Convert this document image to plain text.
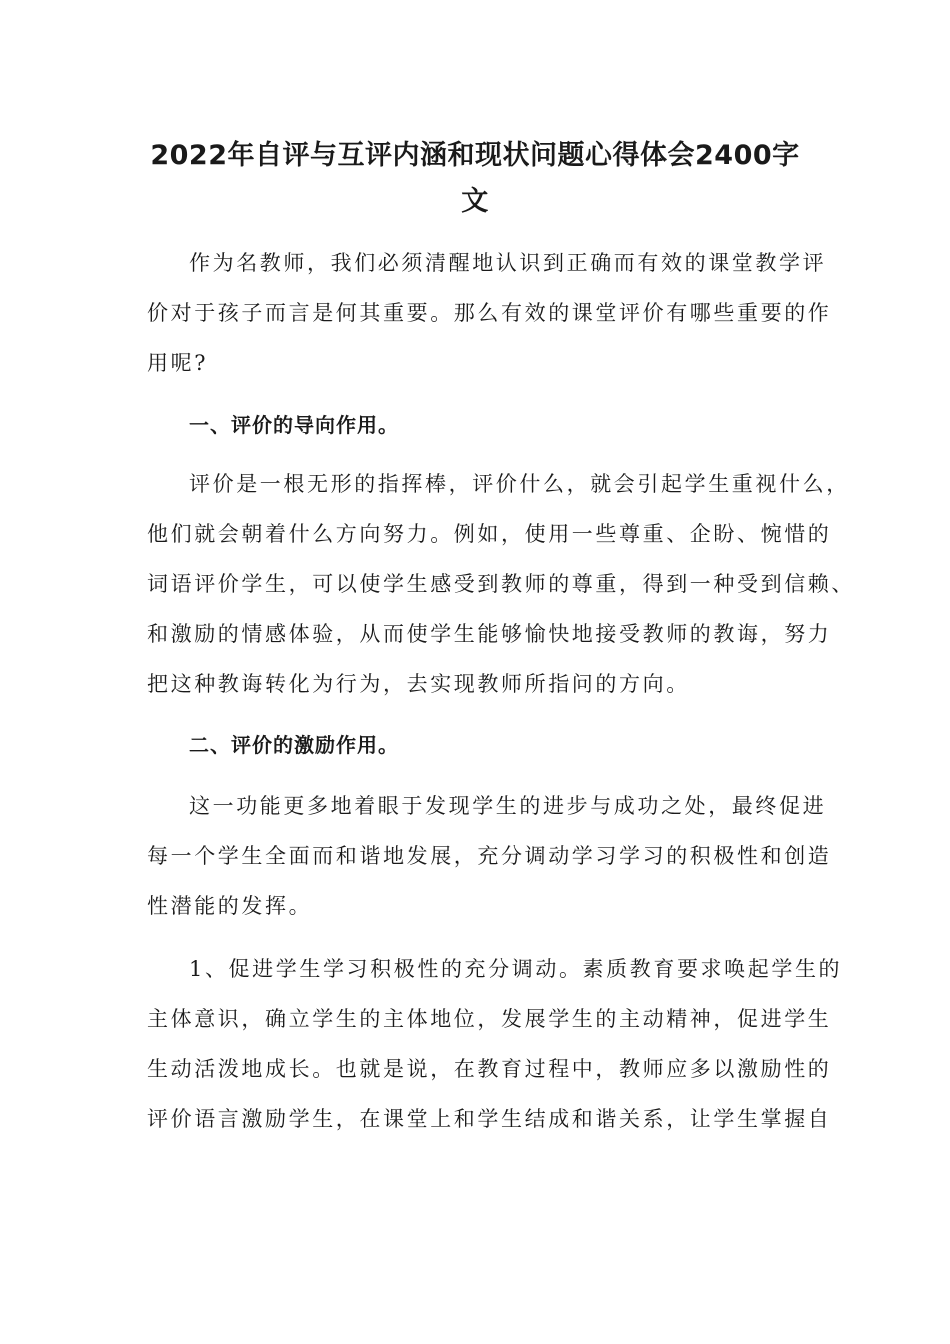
2022年自评与互评内涵和现状问题心得体会2400字
文
作为名教师，我们必须清醒地认识到正确而有效的课堂教学评
价对于孩子而言是何其重要。那么有效的课堂评价有哪些重要的作
用呢?
一、评价的导向作用。
评价是一根无形的指挥棒，评价什么，就会引起学生重视什么，
他们就会朝着什么方向努力。例如，使用一些尊重、企盼、惋惜的
词语评价学生，可以使学生感受到教师的尊重，得到一种受到信赖、
和激励的情感体验，从而使学生能够愉快地接受教师的教诲，努力
把这种教诲转化为行为，去实现教师所指问的方向。
二、评价的激励作用。
这一功能更多地着眼于发现学生的进步与成功之处，最终促进
每一个学生全面而和谐地发展，充分调动学习学习的积极性和创造
性潜能的发挥。
1、促进学生学习积极性的充分调动。素质教育要求唤起学生的
主体意识，确立学生的主体地位，发展学生的主动精神，促进学生
生动活泼地成长。也就是说，在教育过程中，教师应多以激励性的
评价语言激励学生，在课堂上和学生结成和谐关系，让学生掌握自
